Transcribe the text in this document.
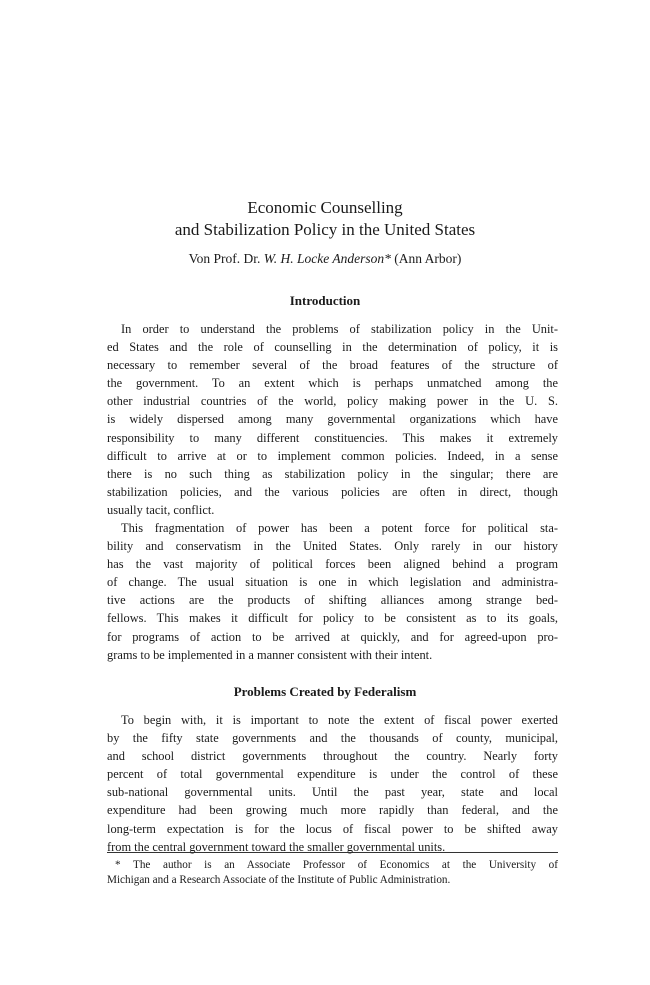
Economic Counselling
and Stabilization Policy in the United States
Von Prof. Dr. W. H. Locke Anderson* (Ann Arbor)
Introduction
In order to understand the problems of stabilization policy in the Unit-
ed States and the role of counselling in the determination of policy, it is
necessary to remember several of the broad features of the structure of
the government. To an extent which is perhaps unmatched among the
other industrial countries of the world, policy making power in the U. S.
is widely dispersed among many governmental organizations which have
responsibility to many different constituencies. This makes it extremely
difficult to arrive at or to implement common policies. Indeed, in a sense
there is no such thing as stabilization policy in the singular; there are
stabilization policies, and the various policies are often in direct, though
usually tacit, conflict.
This fragmentation of power has been a potent force for political sta-
bility and conservatism in the United States. Only rarely in our history
has the vast majority of political forces been aligned behind a program
of change. The usual situation is one in which legislation and administra-
tive actions are the products of shifting alliances among strange bed-
fellows. This makes it difficult for policy to be consistent as to its goals,
for programs of action to be arrived at quickly, and for agreed-upon pro-
grams to be implemented in a manner consistent with their intent.
Problems Created by Federalism
To begin with, it is important to note the extent of fiscal power exerted
by the fifty state governments and the thousands of county, municipal,
and school district governments throughout the country. Nearly forty
percent of total governmental expenditure is under the control of these
sub-national governmental units. Until the past year, state and local
expenditure had been growing much more rapidly than federal, and the
long-term expectation is for the locus of fiscal power to be shifted away
from the central government toward the smaller governmental units.
* The author is an Associate Professor of Economics at the University of
Michigan and a Research Associate of the Institute of Public Administration.
